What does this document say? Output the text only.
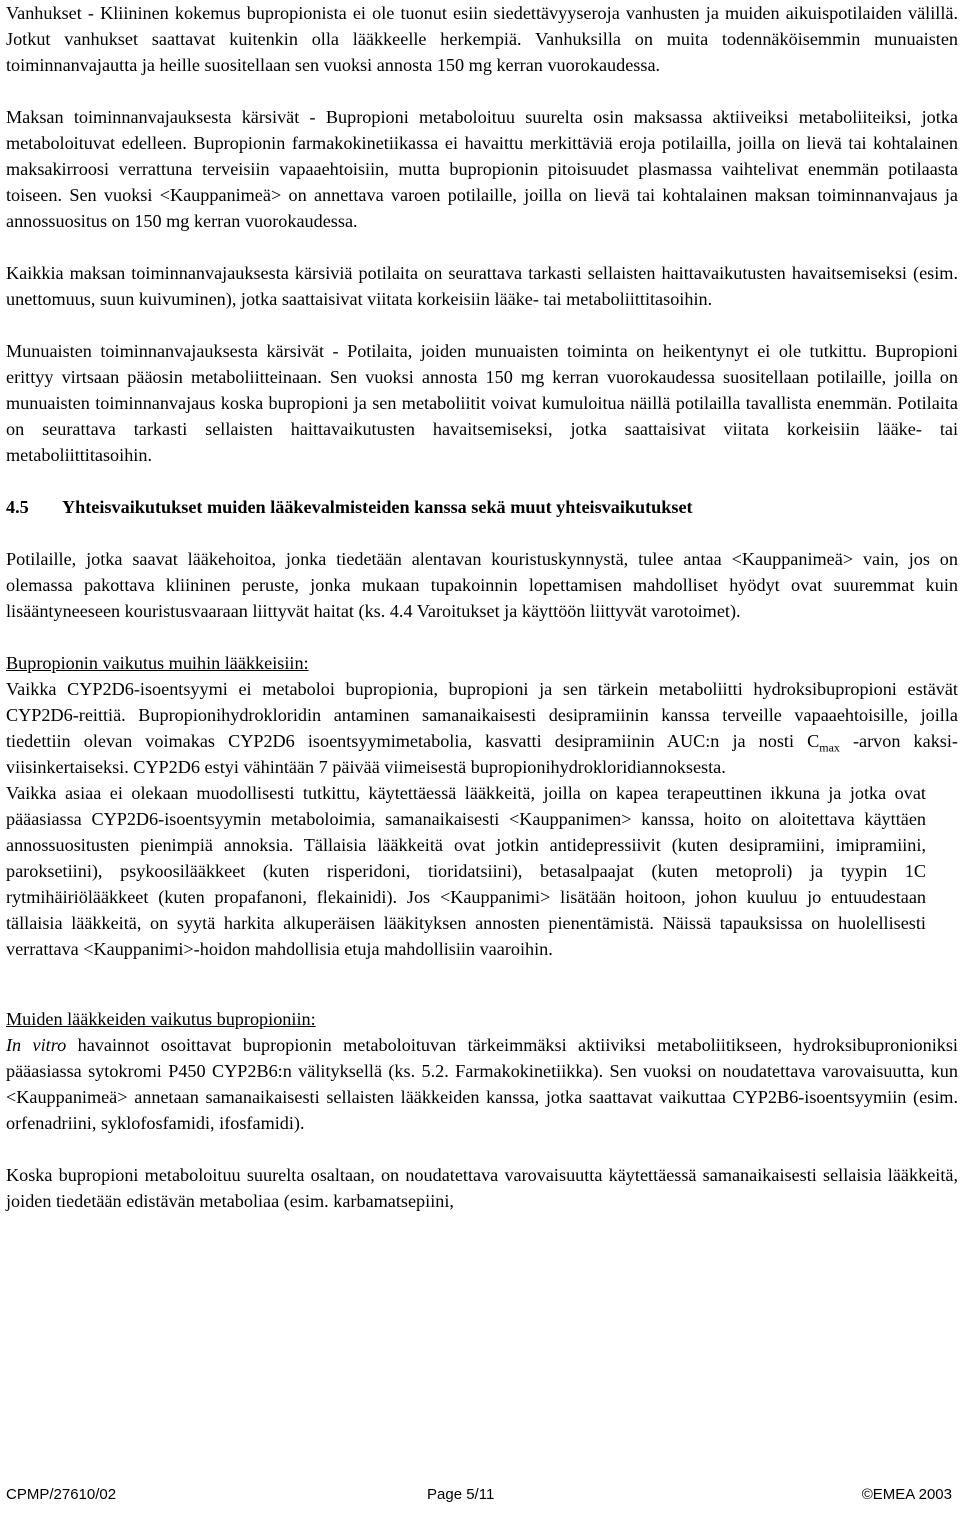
Vanhukset - Kliininen kokemus bupropionista ei ole tuonut esiin siedettävyyseroja vanhusten ja muiden aikuispotilaiden välillä. Jotkut vanhukset saattavat kuitenkin olla lääkkeelle herkempiä. Vanhuksilla on muita todennäköisemmin munuaisten toiminnanvajautta ja heille suositellaan sen vuoksi annosta 150 mg kerran vuorokaudessa.

Maksan toiminnanvajauksesta kärsivät - Bupropioni metaboloituu suurelta osin maksassa aktiiveiksi metaboliiteiksi, jotka metaboloituvat edelleen. Bupropionin farmakokinetiikassa ei havaittu merkittäviä eroja potilailla, joilla on lievä tai kohtalainen maksakirroosi verrattuna terveisiin vapaaehtoisiin, mutta bupropionin pitoisuudet plasmassa vaihtelivat enemmän potilaasta toiseen. Sen vuoksi <Kauppanimeä> on annettava varoen potilaille, joilla on lievä tai kohtalainen maksan toiminnanvajaus ja annossuositus on 150 mg kerran vuorokaudessa.

Kaikkia maksan toiminnanvajauksesta kärsiviä potilaita on seurattava tarkasti sellaisten haittavaikutusten havaitsemiseksi (esim. unettomuus, suun kuivuminen), jotka saattaisivat viitata korkeisiin lääke- tai metaboliittitasoihin.

Munuaisten toiminnanvajauksesta kärsivät - Potilaita, joiden munuaisten toiminta on heikentynyt ei ole tutkittu. Bupropioni erittyy virtsaan pääosin metaboliitteinaan. Sen vuoksi annosta 150 mg kerran vuorokaudessa suositellaan potilaille, joilla on munuaisten toiminnanvajaus koska bupropioni ja sen metaboliitit voivat kumuloitua näillä potilailla tavallista enemmän. Potilaita on seurattava tarkasti sellaisten haittavaikutusten havaitsemiseksi, jotka saattaisivat viitata korkeisiin lääke- tai metaboliittitasoihin.

4.5	Yhteisvaikutukset muiden lääkevalmisteiden kanssa sekä muut yhteisvaikutukset

Potilaille, jotka saavat lääkehoitoa, jonka tiedetään alentavan kouristuskynnystä, tulee antaa <Kauppanimeä> vain, jos on olemassa pakottava kliininen peruste, jonka mukaan tupakoinnin lopettamisen mahdolliset hyödyt ovat suuremmat kuin lisääntyneeseen kouristusvaaraan liittyvät haitat (ks. 4.4 Varoitukset ja käyttöön liittyvät varotoimet).

Bupropionin vaikutus muihin lääkkeisiin:

Vaikka CYP2D6-isoentsyymi ei metaboloi bupropionia, bupropioni ja sen tärkein metaboliitti hydroksibupropioni estävät CYP2D6-reittiä. Bupropionihydrokloridin antaminen samanaikaisesti desipramiinin kanssa terveille vapaaehtoisille, joilla tiedettiin olevan voimakas CYP2D6 isoentsyymimetabolia, kasvatti desipramiinin AUC:n ja nosti $C_{max}$ -arvon kaksi-viisinkertaiseksi. CYP2D6 estyi vähintään 7 päivää viimeisestä bupropionihydrokloridiannoksesta.

Vaikka asiaa ei olekaan muodollisesti tutkittu, käytettäessä lääkkeitä, joilla on kapea terapeuttinen ikkuna ja jotka ovat pääasiassa CYP2D6-isoentsyymin metaboloimia, samanaikaisesti <Kauppanimen> kanssa, hoito on aloitettava käyttäen annossuositusten pienimpiä annoksia. Tällaisia lääkkeitä ovat jotkin antidepressiivit (kuten desipramiini, imipramiini, paroksetiini), psykoosilääkkeet (kuten risperidoni, tioridatsiini), betasalpaajat (kuten metoproli) ja tyypin 1C rytmihäiriölääkkeet (kuten propafanoni, flekainidi). Jos <Kauppanimi> lisätään hoitoon, johon kuuluu jo entuudestaan tällaisia lääkkeitä, on syytä harkita alkuperäisen lääkityksen annosten pienentämistä. Näissä tapauksissa on huolellisesti verrattava <Kauppanimi>-hoidon mahdollisia etuja mahdollisiin vaaroihin.

Muiden lääkkeiden vaikutus bupropioniin:

In vitro havainnot osoittavat bupropionin metaboloituvan tärkeimmäksi aktiiviksi metaboliitikseen, hydroksibupronioniksi pääasiassa sytokromi P450 CYP2B6:n välityksellä (ks. 5.2. Farmakokinetiikka). Sen vuoksi on noudatettava varovaisuutta, kun <Kauppanimeä> annetaan samanaikaisesti sellaisten lääkkeiden kanssa, jotka saattavat vaikuttaa CYP2B6-isoentsyymiin (esim. orfenadriini, syklofosfamidi, ifosfamidi).

Koska bupropioni metaboloituu suurelta osaltaan, on noudatettava varovaisuutta käytettäessä samanaikaisesti sellaisia lääkkeitä, joiden tiedetään edistävän metaboliaa (esim. karbamatsepiini,

CPMP/27610/02	Page 5/11	©EMEA 2003
